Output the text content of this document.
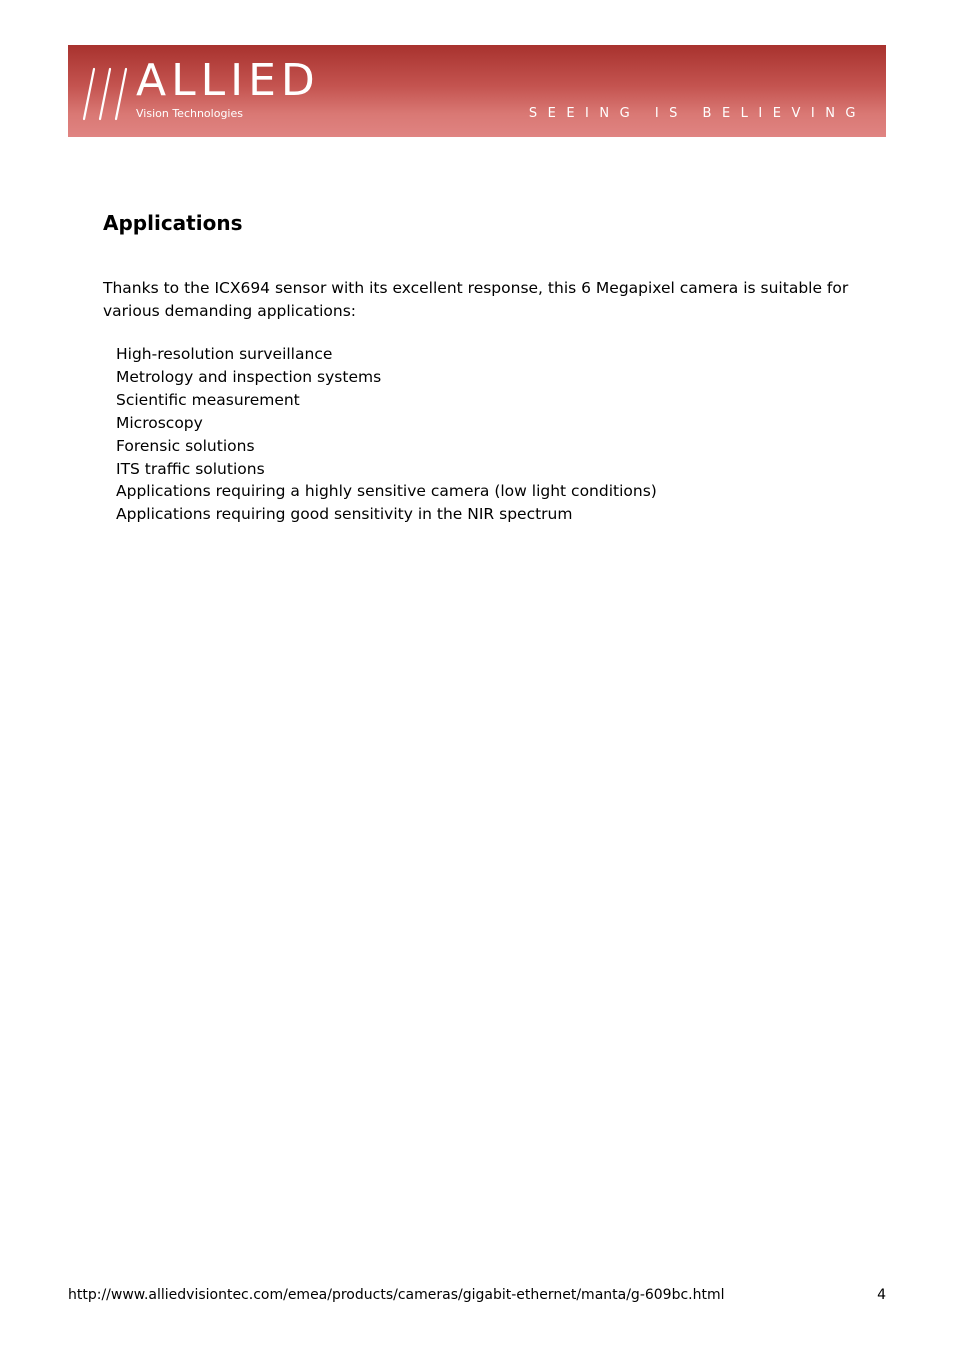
ALLIED
Vision Technologies	SEEING IS BELIEVING
Applications

Thanks to the ICX694 sensor with its excellent response, this 6 Megapixel camera is suitable for various demanding applications:

High-resolution surveillance
Metrology and inspection systems
Scientific measurement
Microscopy
Forensic solutions
ITS traffic solutions
Applications requiring a highly sensitive camera (low light conditions)
Applications requiring good sensitivity in the NIR spectrum
http://www.alliedvisiontec.com/emea/products/cameras/gigabit-ethernet/manta/g-609bc.html	4
